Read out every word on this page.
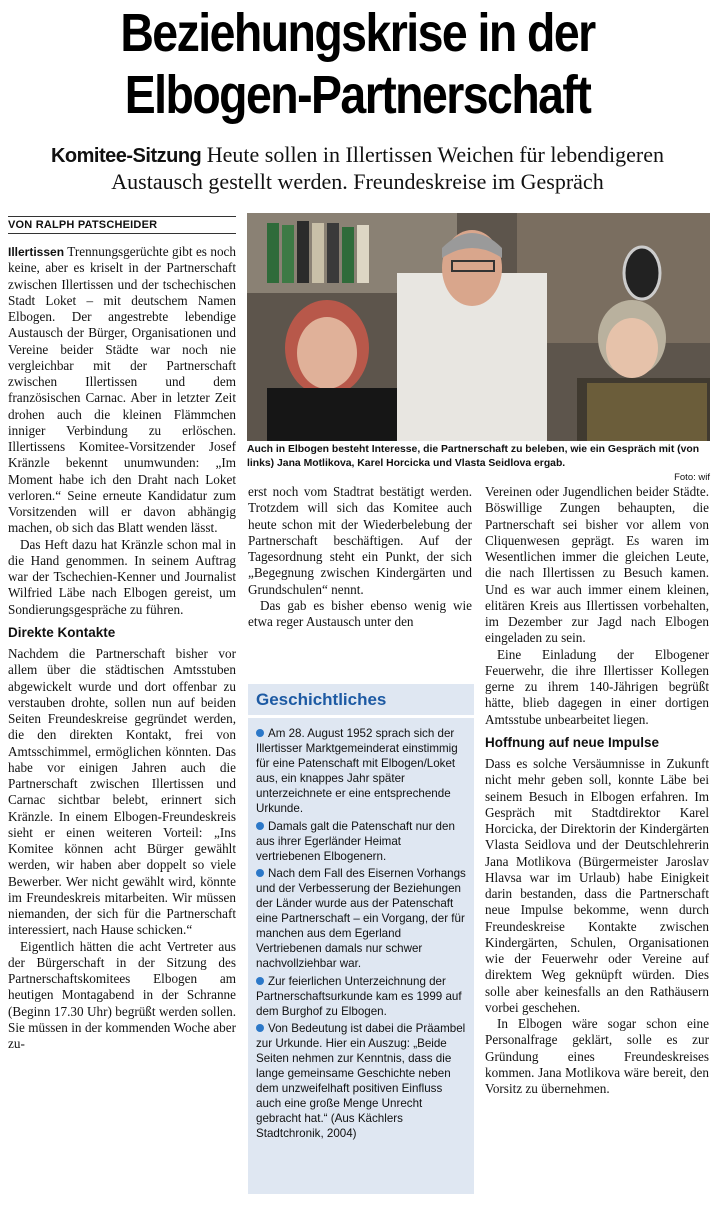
Beziehungskrise in der
Elbogen-Partnerschaft
Komitee-Sitzung Heute sollen in Illertissen Weichen für lebendigeren
Austausch gestellt werden. Freundeskreise im Gespräch
VON RALPH PATSCHEIDER
Auch in Elbogen besteht Interesse, die Partnerschaft zu beleben, wie ein Gespräch mit (von links) Jana Motlikova, Karel Horcicka und Vlasta Seidlova ergab.
Foto: wif

Illertissen Trennungsgerüchte gibt es noch keine, aber es kriselt in der Partnerschaft zwischen Illertissen und der tschechischen Stadt Loket – mit deutschem Namen Elbogen. Der angestrebte lebendige Austausch der Bürger, Organisationen und Vereine beider Städte war noch nie vergleichbar mit der Partnerschaft zwischen Illertissen und dem französischen Carnac. Aber in letzter Zeit drohen auch die kleinen Flämmchen inniger Verbindung zu erlöschen. Illertissens Komitee-Vorsitzender Josef Kränzle bekennt unumwunden: „Im Moment habe ich den Draht nach Loket verloren.“ Seine erneute Kandidatur zum Vorsitzenden will er davon abhängig machen, ob sich das Blatt wenden lässt.

Das Heft dazu hat Kränzle schon mal in die Hand genommen. In seinem Auftrag war der Tschechien-Kenner und Journalist Wilfried Läbe nach Elbogen gereist, um Sondierungsgespräche zu führen.

Direkte Kontakte

Nachdem die Partnerschaft bisher vor allem über die städtischen Amtsstuben abgewickelt wurde und dort offenbar zu verstauben drohte, sollen nun auf beiden Seiten Freundeskreise gegründet werden, die den direkten Kontakt, frei von Amtsschimmel, ermöglichen könnten. Das habe vor einigen Jahren auch die Partnerschaft zwischen Illertissen und Carnac sichtbar belebt, erinnert sich Kränzle. In einem Elbogen-Freundeskreis sieht er einen weiteren Vorteil: „Ins Komitee können acht Bürger gewählt werden, wir haben aber doppelt so viele Bewerber. Wer nicht gewählt wird, könnte im Freundeskreis mitarbeiten. Wir müssen niemanden, der sich für die Partnerschaft interessiert, nach Hause schicken.“

Eigentlich hätten die acht Vertreter aus der Bürgerschaft in der Sitzung des Partnerschaftskomitees Elbogen am heutigen Montagabend in der Schranne (Beginn 17.30 Uhr) begrüßt werden sollen. Sie müssen in der kommenden Woche aber zu-

erst noch vom Stadtrat bestätigt werden. Trotzdem will sich das Komitee auch heute schon mit der Wiederbelebung der Partnerschaft beschäftigen. Auf der Tagesordnung steht ein Punkt, der sich „Begegnung zwischen Kindergärten und Grundschulen“ nennt.

Das gab es bisher ebenso wenig wie etwa reger Austausch unter den

Geschichtliches
Am 28. August 1952 sprach sich der Illertisser Marktgemeinderat einstimmig für eine Patenschaft mit Elbogen/Loket aus, ein knappes Jahr später unterzeichnete er eine entsprechende Urkunde.
Damals galt die Patenschaft nur den aus ihrer Egerländer Heimat vertriebenen Elbogenern.
Nach dem Fall des Eisernen Vorhangs und der Verbesserung der Beziehungen der Länder wurde aus der Patenschaft eine Partnerschaft – ein Vorgang, der für manchen aus dem Egerland Vertriebenen damals nur schwer nachvollziehbar war.
Zur feierlichen Unterzeichnung der Partnerschaftsurkunde kam es 1999 auf dem Burghof zu Elbogen.
Von Bedeutung ist dabei die Präambel zur Urkunde. Hier ein Auszug: „Beide Seiten nehmen zur Kenntnis, dass die lange gemeinsame Geschichte neben dem unzweifelhaft positiven Einfluss auch eine große Menge Unrecht gebracht hat.“ (Aus Kächlers Stadtchronik, 2004)

Vereinen oder Jugendlichen beider Städte. Böswillige Zungen behaupten, die Partnerschaft sei bisher vor allem von Cliquenwesen geprägt. Es waren im Wesentlichen immer die gleichen Leute, die nach Illertissen zu Besuch kamen. Und es war auch immer einem kleinen, elitären Kreis aus Illertissen vorbehalten, im Dezember zur Jagd nach Elbogen eingeladen zu sein.

Eine Einladung der Elbogener Feuerwehr, die ihre Illertisser Kollegen gerne zu ihrem 140-Jährigen begrüßt hätte, blieb dagegen in einer dortigen Amtsstube unbearbeitet liegen.

Hoffnung auf neue Impulse

Dass es solche Versäumnisse in Zukunft nicht mehr geben soll, konnte Läbe bei seinem Besuch in Elbogen erfahren. Im Gespräch mit Stadtdirektor Karel Horcicka, der Direktorin der Kindergärten Vlasta Seidlova und der Deutschlehrerin Jana Motlikova (Bürgermeister Jaroslav Hlavsa war im Urlaub) habe Einigkeit darin bestanden, dass die Partnerschaft neue Impulse bekomme, wenn durch Freundeskreise Kontakte zwischen Kindergärten, Schulen, Organisationen wie der Feuerwehr oder Vereine auf direktem Weg geknüpft würden. Dies solle aber keinesfalls an den Rathäusern vorbei geschehen.

In Elbogen wäre sogar schon eine Personalfrage geklärt, solle es zur Gründung eines Freundeskreises kommen. Jana Motlikova wäre bereit, den Vorsitz zu übernehmen.
